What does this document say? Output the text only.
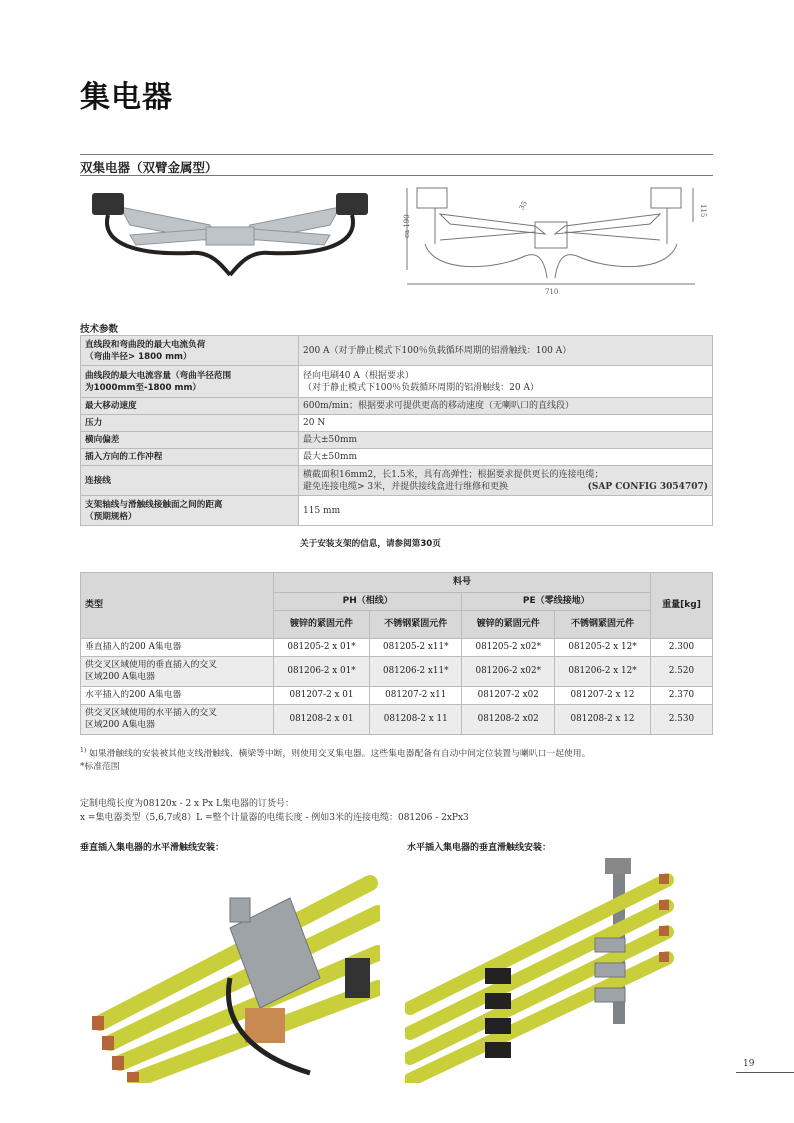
集电器
双集电器（双臂金属型）
ca 190
115
35
710
技术参数
直线段和弯曲段的最大电流负荷
（弯曲半径> 1800 mm）	200 A（对于静止模式下100％负载循环周期的铝滑触线：100 A）
曲线段的最大电流容量（弯曲半径范围
为1000mm至-1800 mm）	径向电刷40 A（根据要求）
（对于静止模式下100％负载循环周期的铝滑触线：20 A）
最大移动速度	600m/min；根据要求可提供更高的移动速度（无喇叭口的直线段）
压力	20 N
横向偏差	最大±50mm
插入方向的工作冲程	最大±50mm
连接线	横截面积16mm2，长1.5米，具有高弹性；根据要求提供更长的连接电缆；
避免连接电缆> 3米，并提供接线盒进行维修和更换 (SAP CONFIG 3054707)

支架轴线与滑触线接触面之间的距离
（预期规格）	115 mm
关于安装支架的信息，请参阅第30页
类型	料号				重量[kg]
	PH（相线）		PE（零线接地）		
	镀锌的紧固元件	不锈钢紧固元件	镀锌的紧固元件	不锈钢紧固元件	
垂直插入的200 A集电器	081205-2 x 01*	081205-2 x11*	081205-2 x02*	081205-2 x 12*	2.300
供交叉区域使用的垂直插入的交叉
区域200 A集电器	081206-2 x 01*	081206-2 x11*	081206-2 x02*	081206-2 x 12*	2.520
水平插入的200 A集电器	081207-2 x 01	081207-2 x11	081207-2 x02	081207-2 x 12	2.370
供交叉区域使用的水平插入的交叉
区域200 A集电器	081208-2 x 01	081208-2 x 11	081208-2 x02	081208-2 x 12	2.530
$^{1)}$ 如果滑触线的安装被其他支线滑触线、横梁等中断，则使用交叉集电器。这些集电器配备有自动中间定位装置与喇叭口一起使用。
*标准范围
定制电缆长度为08120x - 2 x Px L集电器的订货号：
x =集电器类型（5,6,7或8）L =整个计量器的电缆长度 - 例如3米的连接电缆：081206 - 2xPx3
垂直插入集电器的水平滑触线安装：	水平插入集电器的垂直滑触线安装：
19
